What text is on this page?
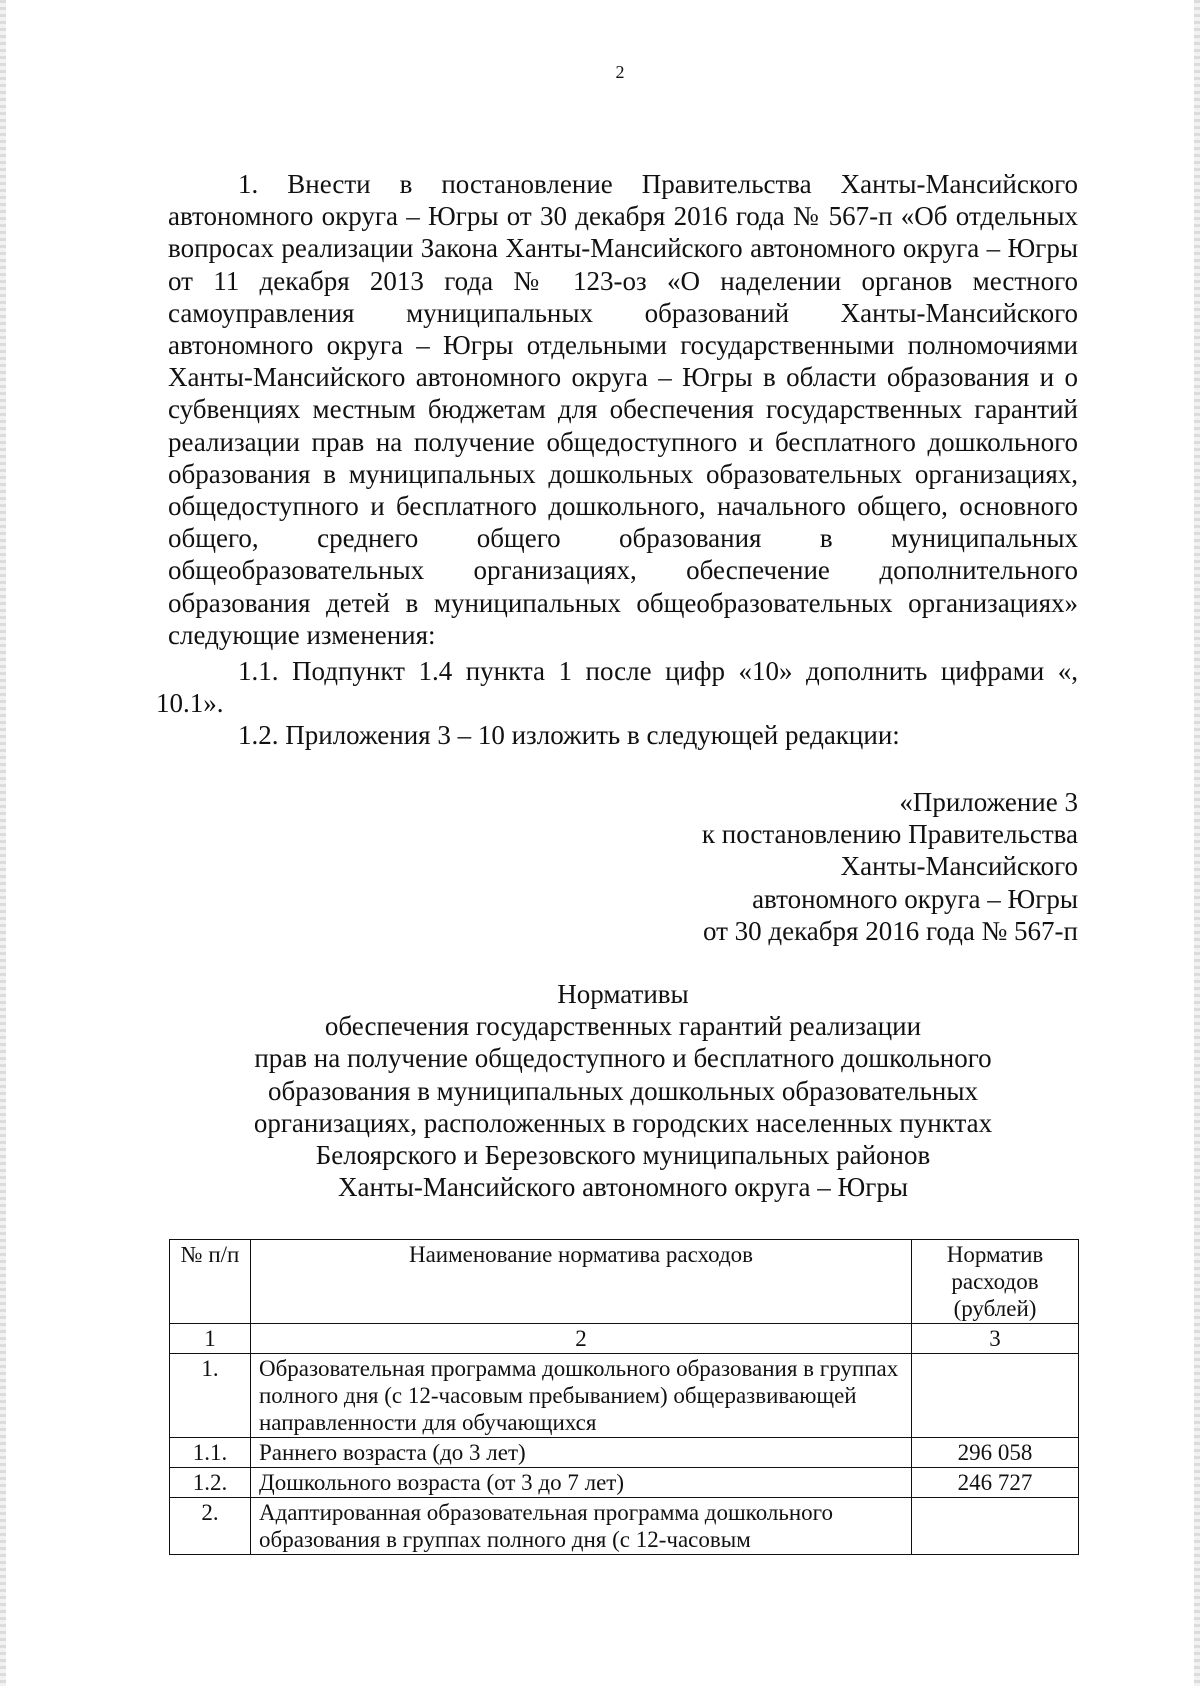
2
1. Внести в постановление Правительства Ханты-Мансийского автономного округа – Югры от 30 декабря 2016 года № 567-п «Об отдельных вопросах реализации Закона Ханты-Мансийского автономного округа – Югры от 11 декабря 2013 года № 123-оз «О наделении органов местного самоуправления муниципальных образований Ханты-Мансийского автономного округа – Югры отдельными государственными полномочиями Ханты-Мансийского автономного округа – Югры в области образования и о субвенциях местным бюджетам для обеспечения государственных гарантий реализации прав на получение общедоступного и бесплатного дошкольного образования в муниципальных дошкольных образовательных организациях, общедоступного и бесплатного дошкольного, начального общего, основного общего, среднего общего образования в муниципальных общеобразовательных организациях, обеспечение дополнительного образования детей в муниципальных общеобразовательных организациях» следующие изменения:
1.1. Подпункт 1.4 пункта 1 после цифр «10» дополнить цифрами «, 10.1».
1.2. Приложения 3 – 10 изложить в следующей редакции:
«Приложение 3
к постановлению Правительства
Ханты-Мансийского
автономного округа – Югры
от 30 декабря 2016 года № 567-п
Нормативы
обеспечения государственных гарантий реализации
прав на получение общедоступного и бесплатного дошкольного
образования в муниципальных дошкольных образовательных
организациях, расположенных в городских населенных пунктах
Белоярского и Березовского муниципальных районов
Ханты-Мансийского автономного округа – Югры
№ п/п	Наименование норматива расходов	Норматив расходов (рублей)
1	2	3
1.	Образовательная программа дошкольного образования в группах полного дня (с 12-часовым пребыванием) общеразвивающей направленности для обучающихся	
1.1.	Раннего возраста (до 3 лет)	296 058
1.2.	Дошкольного возраста (от 3 до 7 лет)	246 727
2.	Адаптированная образовательная программа дошкольного образования в группах полного дня (с 12-часовым	
